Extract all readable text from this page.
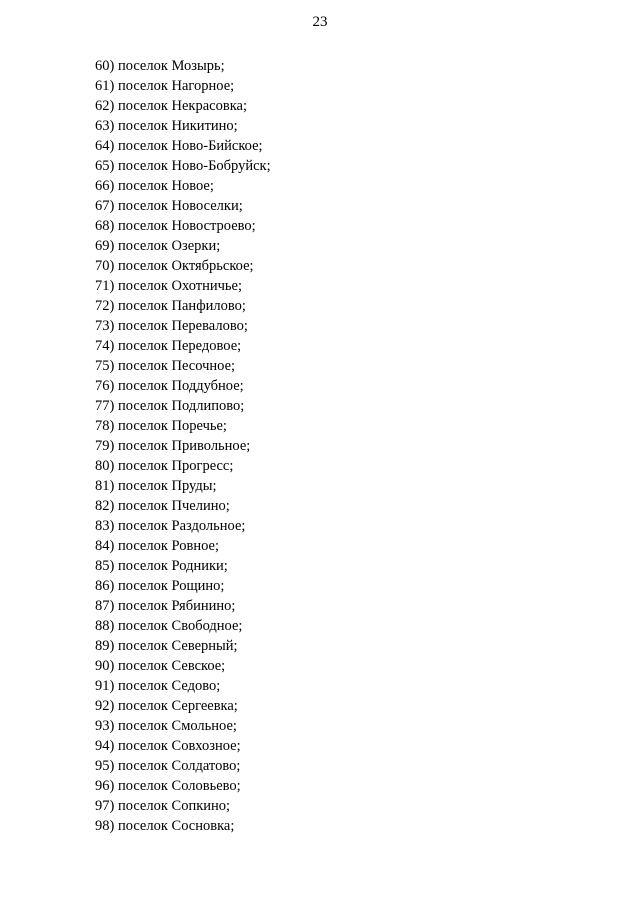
23
60) поселок Мозырь;
61) поселок Нагорное;
62) поселок Некрасовка;
63) поселок Никитино;
64) поселок Ново-Бийское;
65) поселок Ново-Бобруйск;
66) поселок Новое;
67) поселок Новоселки;
68) поселок Новостроево;
69) поселок Озерки;
70) поселок Октябрьское;
71) поселок Охотничье;
72) поселок Панфилово;
73) поселок Перевалово;
74) поселок Передовое;
75) поселок Песочное;
76) поселок Поддубное;
77) поселок Подлипово;
78) поселок Поречье;
79) поселок Привольное;
80) поселок Прогресс;
81) поселок Пруды;
82) поселок Пчелино;
83) поселок Раздольное;
84) поселок Ровное;
85) поселок Родники;
86) поселок Рощино;
87) поселок Рябинино;
88) поселок Свободное;
89) поселок Северный;
90) поселок Севское;
91) поселок Седово;
92) поселок Сергеевка;
93) поселок Смольное;
94) поселок Совхозное;
95) поселок Солдатово;
96) поселок Соловьево;
97) поселок Сопкино;
98) поселок Сосновка;
